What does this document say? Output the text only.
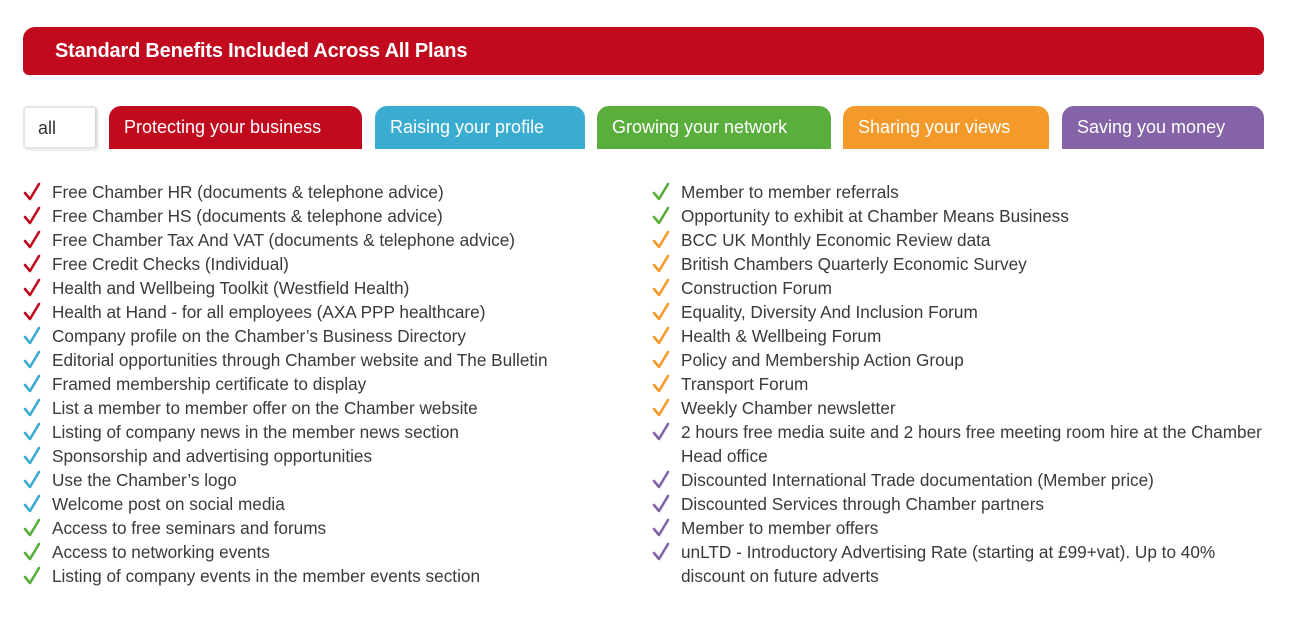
Standard Benefits Included Across All Plans
all	Protecting your business	Raising your profile	Growing your network	Sharing your views	Saving you money
Free Chamber HR (documents & telephone advice)
Free Chamber HS (documents & telephone advice)
Free Chamber Tax And VAT (documents & telephone advice)
Free Credit Checks (Individual)
Health and Wellbeing Toolkit (Westfield Health)
Health at Hand - for all employees (AXA PPP healthcare)
Company profile on the Chamber’s Business Directory
Editorial opportunities through Chamber website and The Bulletin
Framed membership certificate to display
List a member to member offer on the Chamber website
Listing of company news in the member news section
Sponsorship and advertising opportunities
Use the Chamber’s logo
Welcome post on social media
Access to free seminars and forums
Access to networking events
Listing of company events in the member events section
Member to member referrals
Opportunity to exhibit at Chamber Means Business
BCC UK Monthly Economic Review data
British Chambers Quarterly Economic Survey
Construction Forum
Equality, Diversity And Inclusion Forum
Health & Wellbeing Forum
Policy and Membership Action Group
Transport Forum
Weekly Chamber newsletter
2 hours free media suite and 2 hours free meeting room hire at the Chamber Head office
Discounted International Trade documentation (Member price)
Discounted Services through Chamber partners
Member to member offers
unLTD - Introductory Advertising Rate (starting at £99+vat). Up to 40% discount on future adverts
